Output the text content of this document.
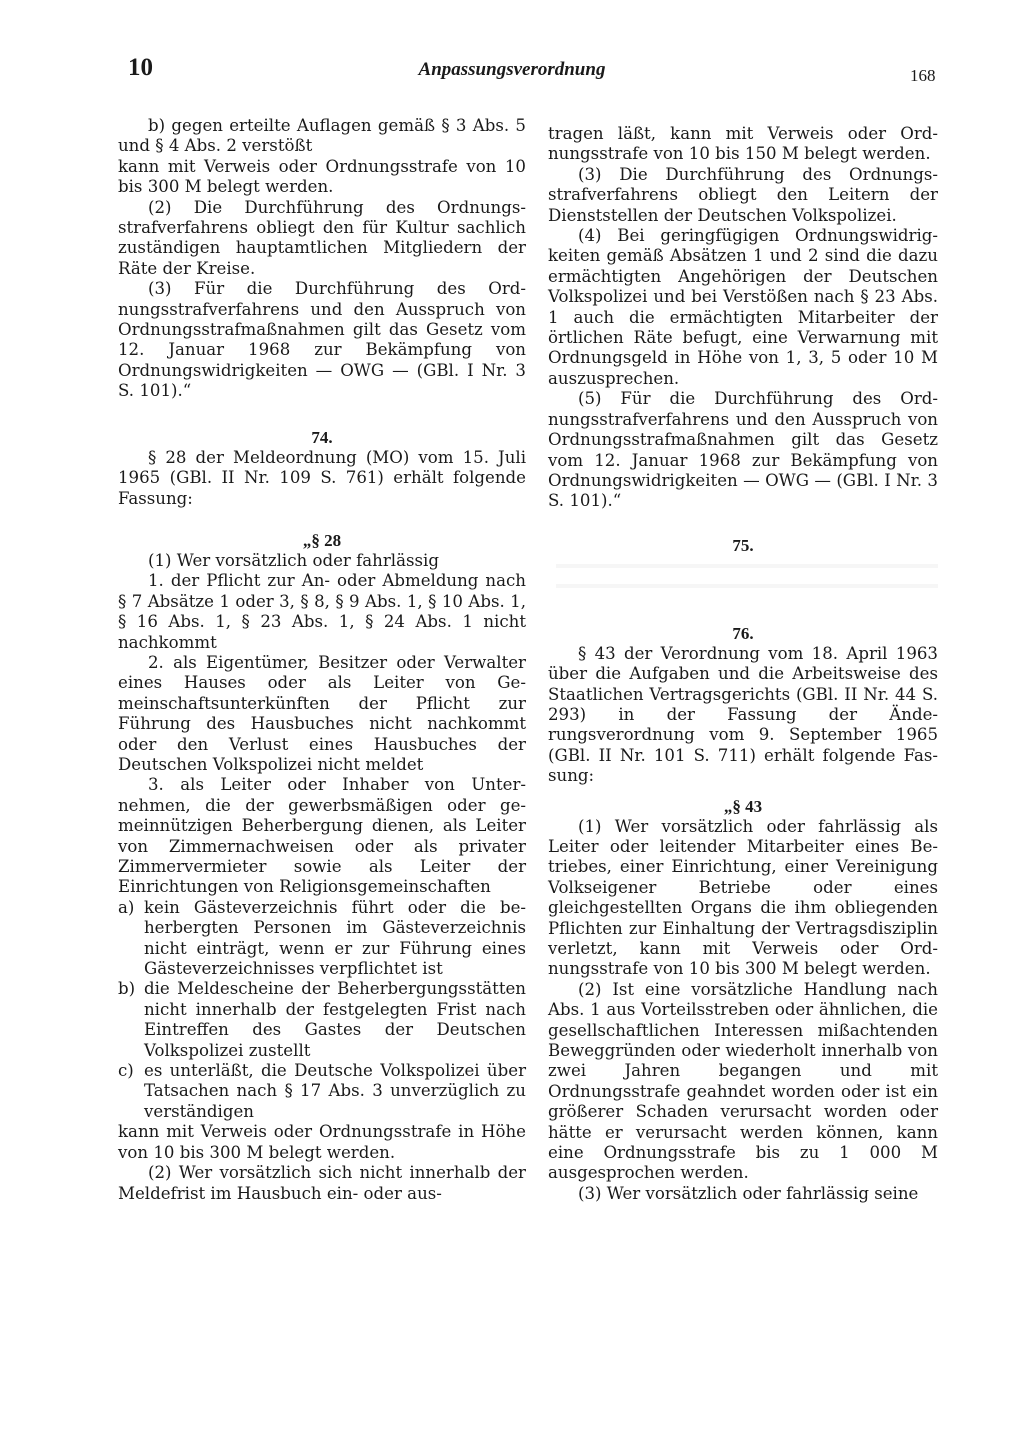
10	Anpassungsverordnung	168

b) gegen erteilte Auflagen gemäß § 3 Abs. 5 und § 4 Abs. 2 verstößt

kann mit Verweis oder Ordnungsstrafe von 10 bis 300 M belegt werden.

(2) Die Durchführung des Ordnungsstrafverfahrens obliegt den für Kultur sachlich zuständigen hauptamtlichen Mitgliedern der Räte der Kreise.

(3) Für die Durchführung des Ordnungsstrafverfahrens und den Ausspruch von Ordnungsstrafmaßnahmen gilt das Gesetz vom 12. Januar 1968 zur Bekämpfung von Ordnungswidrigkeiten — OWG — (GBl. I Nr. 3 S. 101).“

74.

§ 28 der Meldeordnung (MO) vom 15. Juli 1965 (GBl. II Nr. 109 S. 761) erhält folgende Fassung:

„§ 28

(1) Wer vorsätzlich oder fahrlässig

1. der Pflicht zur An- oder Abmeldung nach § 7 Absätze 1 oder 3, § 8, § 9 Abs. 1, § 10 Abs. 1, § 16 Abs. 1, § 23 Abs. 1, § 24 Abs. 1 nicht nachkommt

2. als Eigentümer, Besitzer oder Verwalter eines Hauses oder als Leiter von Gemeinschaftsunterkünften der Pflicht zur Führung des Hausbuches nicht nachkommt oder den Verlust eines Hausbuches der Deutschen Volkspolizei nicht meldet

3. als Leiter oder Inhaber von Unternehmen, die der gewerbsmäßigen oder gemeinnützigen Beherbergung dienen, als Leiter von Zimmernachweisen oder als privater Zimmervermieter sowie als Leiter der Einrichtungen von Religionsgemeinschaften

a) kein Gästeverzeichnis führt oder die beherbergten Personen im Gästeverzeichnis nicht einträgt, wenn er zur Führung eines Gästeverzeichnisses verpflichtet ist
b) die Meldescheine der Beherbergungsstätten nicht innerhalb der festgelegten Frist nach Eintreffen des Gastes der Deutschen Volkspolizei zustellt
c) es unterläßt, die Deutsche Volkspolizei über Tatsachen nach § 17 Abs. 3 unverzüglich zu verständigen

kann mit Verweis oder Ordnungsstrafe in Höhe von 10 bis 300 M belegt werden.

(2) Wer vorsätzlich sich nicht innerhalb der Meldefrist im Hausbuch ein- oder aus-

tragen läßt, kann mit Verweis oder Ordnungsstrafe von 10 bis 150 M belegt werden.

(3) Die Durchführung des Ordnungsstrafverfahrens obliegt den Leitern der Dienststellen der Deutschen Volkspolizei.

(4) Bei geringfügigen Ordnungswidrigkeiten gemäß Absätzen 1 und 2 sind die dazu ermächtigten Angehörigen der Deutschen Volkspolizei und bei Verstößen nach § 23 Abs. 1 auch die ermächtigten Mitarbeiter der örtlichen Räte befugt, eine Verwarnung mit Ordnungsgeld in Höhe von 1, 3, 5 oder 10 M auszusprechen.

(5) Für die Durchführung des Ordnungsstrafverfahrens und den Ausspruch von Ordnungsstrafmaßnahmen gilt das Gesetz vom 12. Januar 1968 zur Bekämpfung von Ordnungswidrigkeiten — OWG — (GBl. I Nr. 3 S. 101).“

75.

76.

§ 43 der Verordnung vom 18. April 1963 über die Aufgaben und die Arbeitsweise des Staatlichen Vertragsgerichts (GBl. II Nr. 44 S. 293) in der Fassung der Änderungsverordnung vom 9. September 1965 (GBl. II Nr. 101 S. 711) erhält folgende Fassung:

„§ 43

(1) Wer vorsätzlich oder fahrlässig als Leiter oder leitender Mitarbeiter eines Betriebes, einer Einrichtung, einer Vereinigung Volkseigener Betriebe oder eines gleichgestellten Organs die ihm obliegenden Pflichten zur Einhaltung der Vertragsdisziplin verletzt, kann mit Verweis oder Ordnungsstrafe von 10 bis 300 M belegt werden.

(2) Ist eine vorsätzliche Handlung nach Abs. 1 aus Vorteilsstreben oder ähnlichen, die gesellschaftlichen Interessen mißachtenden Beweggründen oder wiederholt innerhalb von zwei Jahren begangen und mit Ordnungsstrafe geahndet worden oder ist ein größerer Schaden verursacht worden oder hätte er verursacht werden können, kann eine Ordnungsstrafe bis zu 1 000 M ausgesprochen werden.

(3) Wer vorsätzlich oder fahrlässig seine
